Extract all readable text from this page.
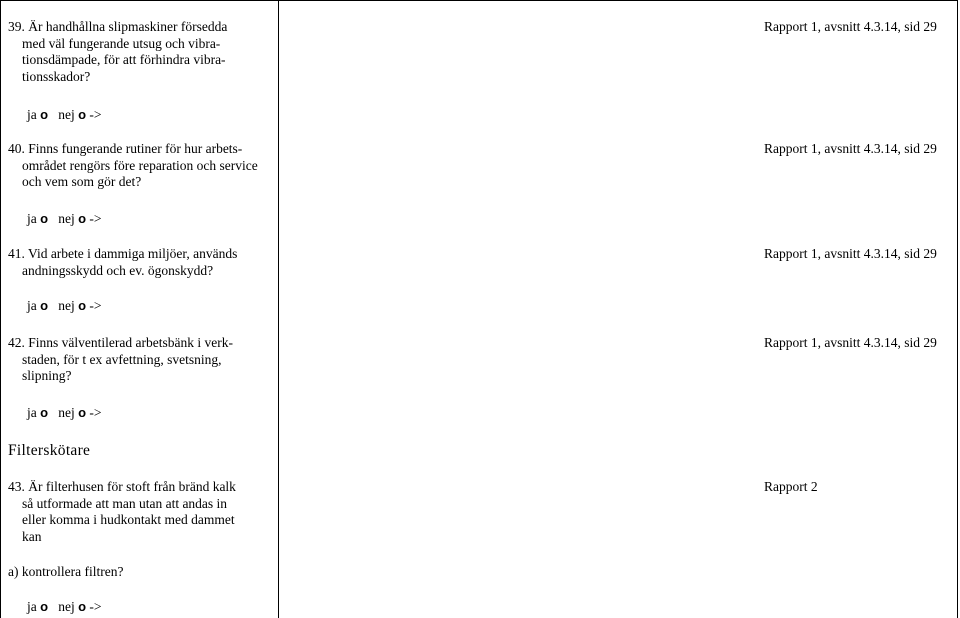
39. Är handhållna slipmaskiner försedda
med väl fungerande utsug och vibra-
tionsdämpade, för att förhindra vibra-
tionsskador?
Rapport 1, avsnitt 4.3.14, sid 29
ja o nej o ->
40. Finns fungerande rutiner för hur arbets-
området rengörs före reparation och service
och vem som gör det?
Rapport 1, avsnitt 4.3.14, sid 29
ja o nej o ->
41. Vid arbete i dammiga miljöer, används
andningsskydd och ev. ögonskydd?
Rapport 1, avsnitt 4.3.14, sid 29
ja o nej o ->
42. Finns välventilerad arbetsbänk i verk-
staden, för t ex avfettning, svetsning,
slipning?
Rapport 1, avsnitt 4.3.14, sid 29
ja o nej o ->
Filterskötare
43. Är filterhusen för stoft från bränd kalk
så utformade att man utan att andas in
eller komma i hudkontakt med dammet
kan
Rapport 2
a) kontrollera filtren?
ja o nej o ->
